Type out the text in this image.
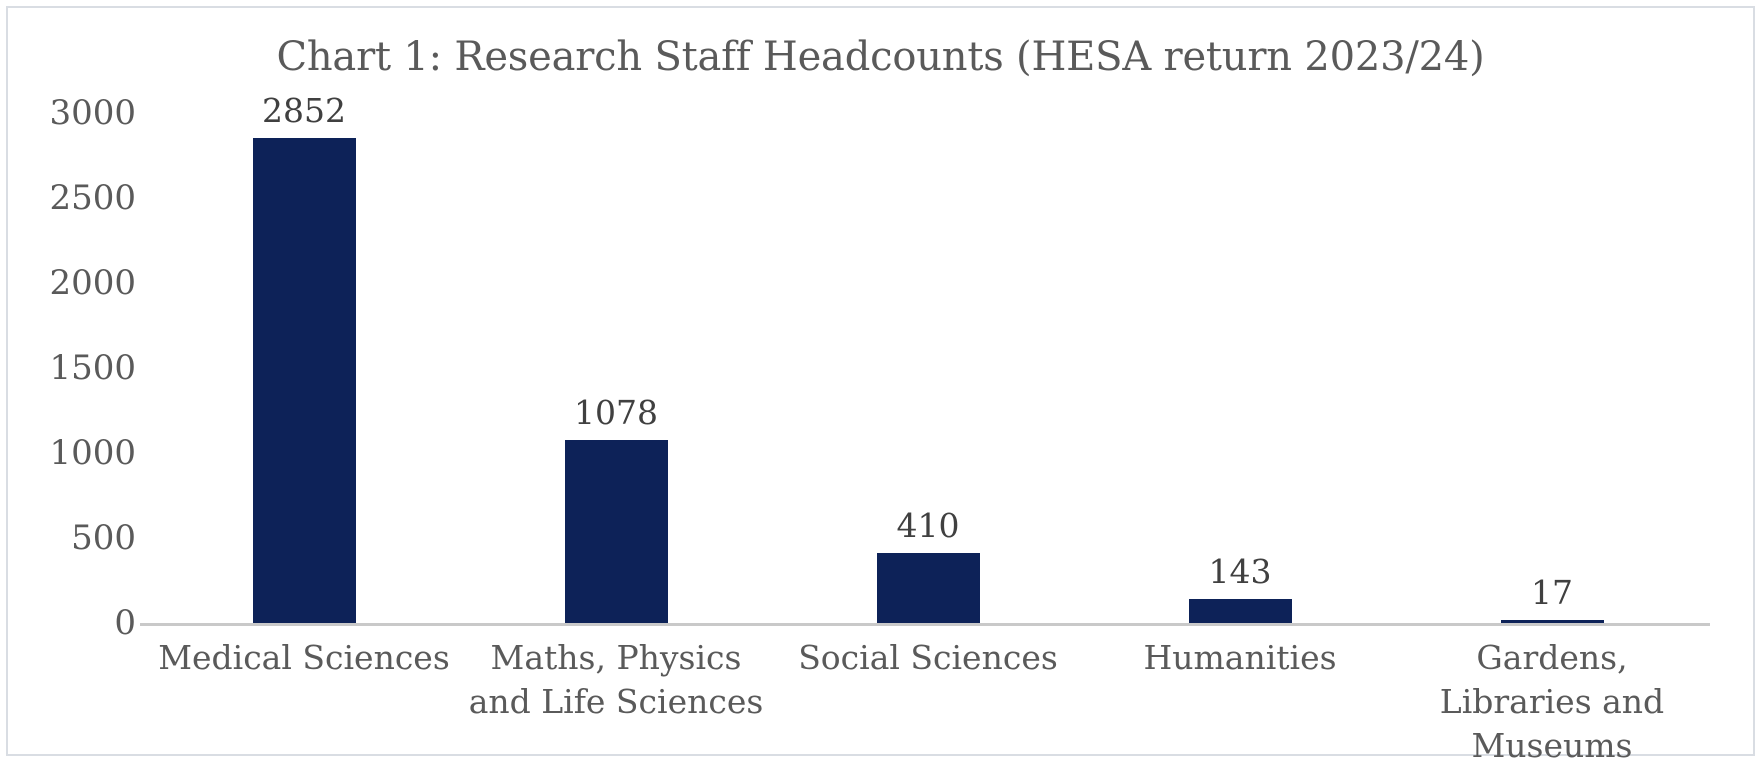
Chart 1: Research Staff Headcounts (HESA return 2023/24)
3000
2500
2000
1500
1000
500
0
2852
1078
410
143
17
Medical Sciences	Maths, Physics and Life Sciences
Social Sciences	Humanities	Gardens, Libraries and Museums
